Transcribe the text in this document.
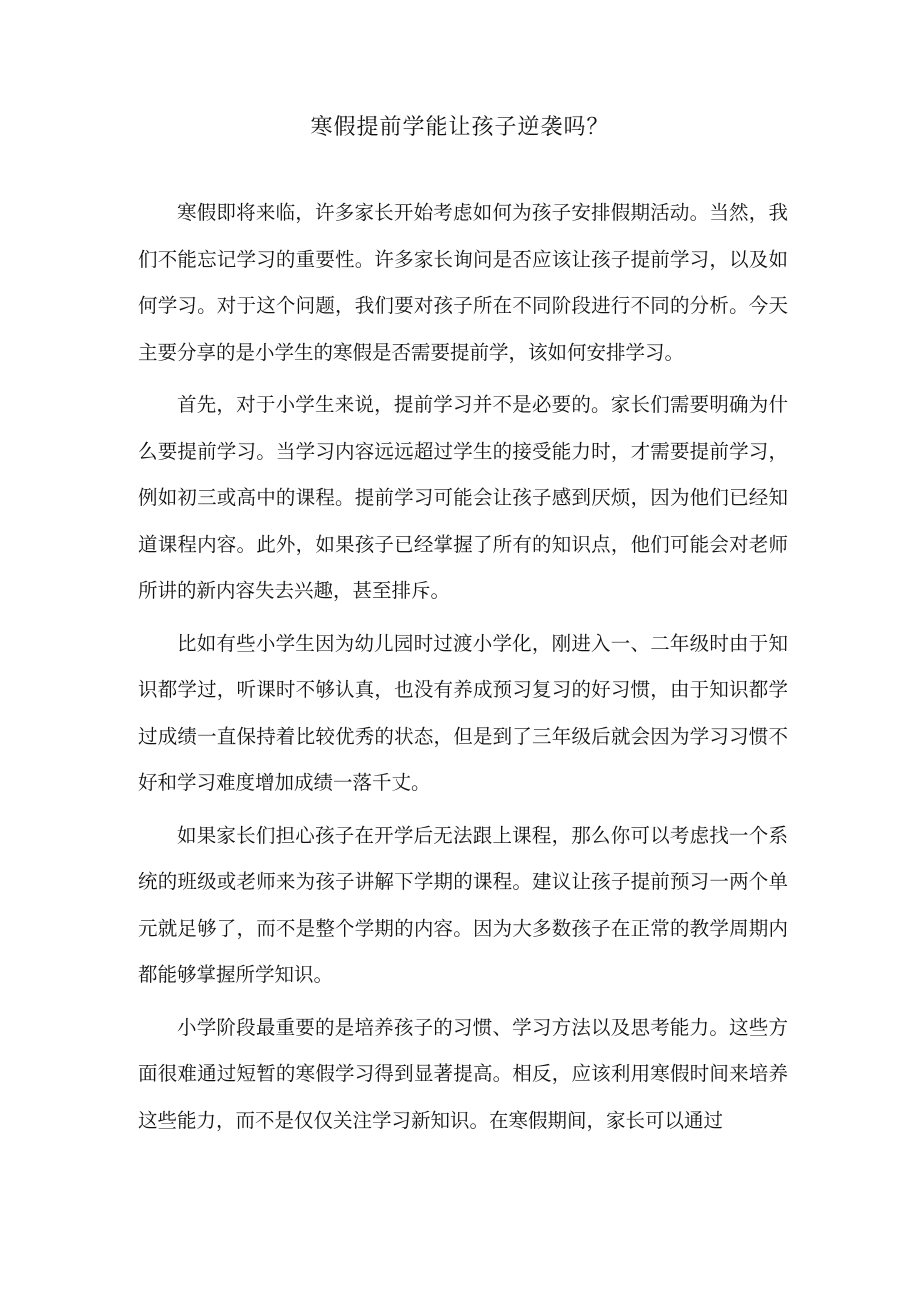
寒假提前学能让孩子逆袭吗？

寒假即将来临，许多家长开始考虑如何为孩子安排假期活动。当然，我们不能忘记学习的重要性。许多家长询问是否应该让孩子提前学习，以及如何学习。对于这个问题，我们要对孩子所在不同阶段进行不同的分析。今天主要分享的是小学生的寒假是否需要提前学，该如何安排学习。

首先，对于小学生来说，提前学习并不是必要的。家长们需要明确为什么要提前学习。当学习内容远远超过学生的接受能力时，才需要提前学习，例如初三或高中的课程。提前学习可能会让孩子感到厌烦，因为他们已经知道课程内容。此外，如果孩子已经掌握了所有的知识点，他们可能会对老师所讲的新内容失去兴趣，甚至排斥。

比如有些小学生因为幼儿园时过渡小学化，刚进入一、二年级时由于知识都学过，听课时不够认真，也没有养成预习复习的好习惯，由于知识都学过成绩一直保持着比较优秀的状态，但是到了三年级后就会因为学习习惯不好和学习难度增加成绩一落千丈。

如果家长们担心孩子在开学后无法跟上课程，那么你可以考虑找一个系统的班级或老师来为孩子讲解下学期的课程。建议让孩子提前预习一两个单元就足够了，而不是整个学期的内容。因为大多数孩子在正常的教学周期内都能够掌握所学知识。

小学阶段最重要的是培养孩子的习惯、学习方法以及思考能力。这些方面很难通过短暂的寒假学习得到显著提高。相反，应该利用寒假时间来培养这些能力，而不是仅仅关注学习新知识。在寒假期间，家长可以通过
